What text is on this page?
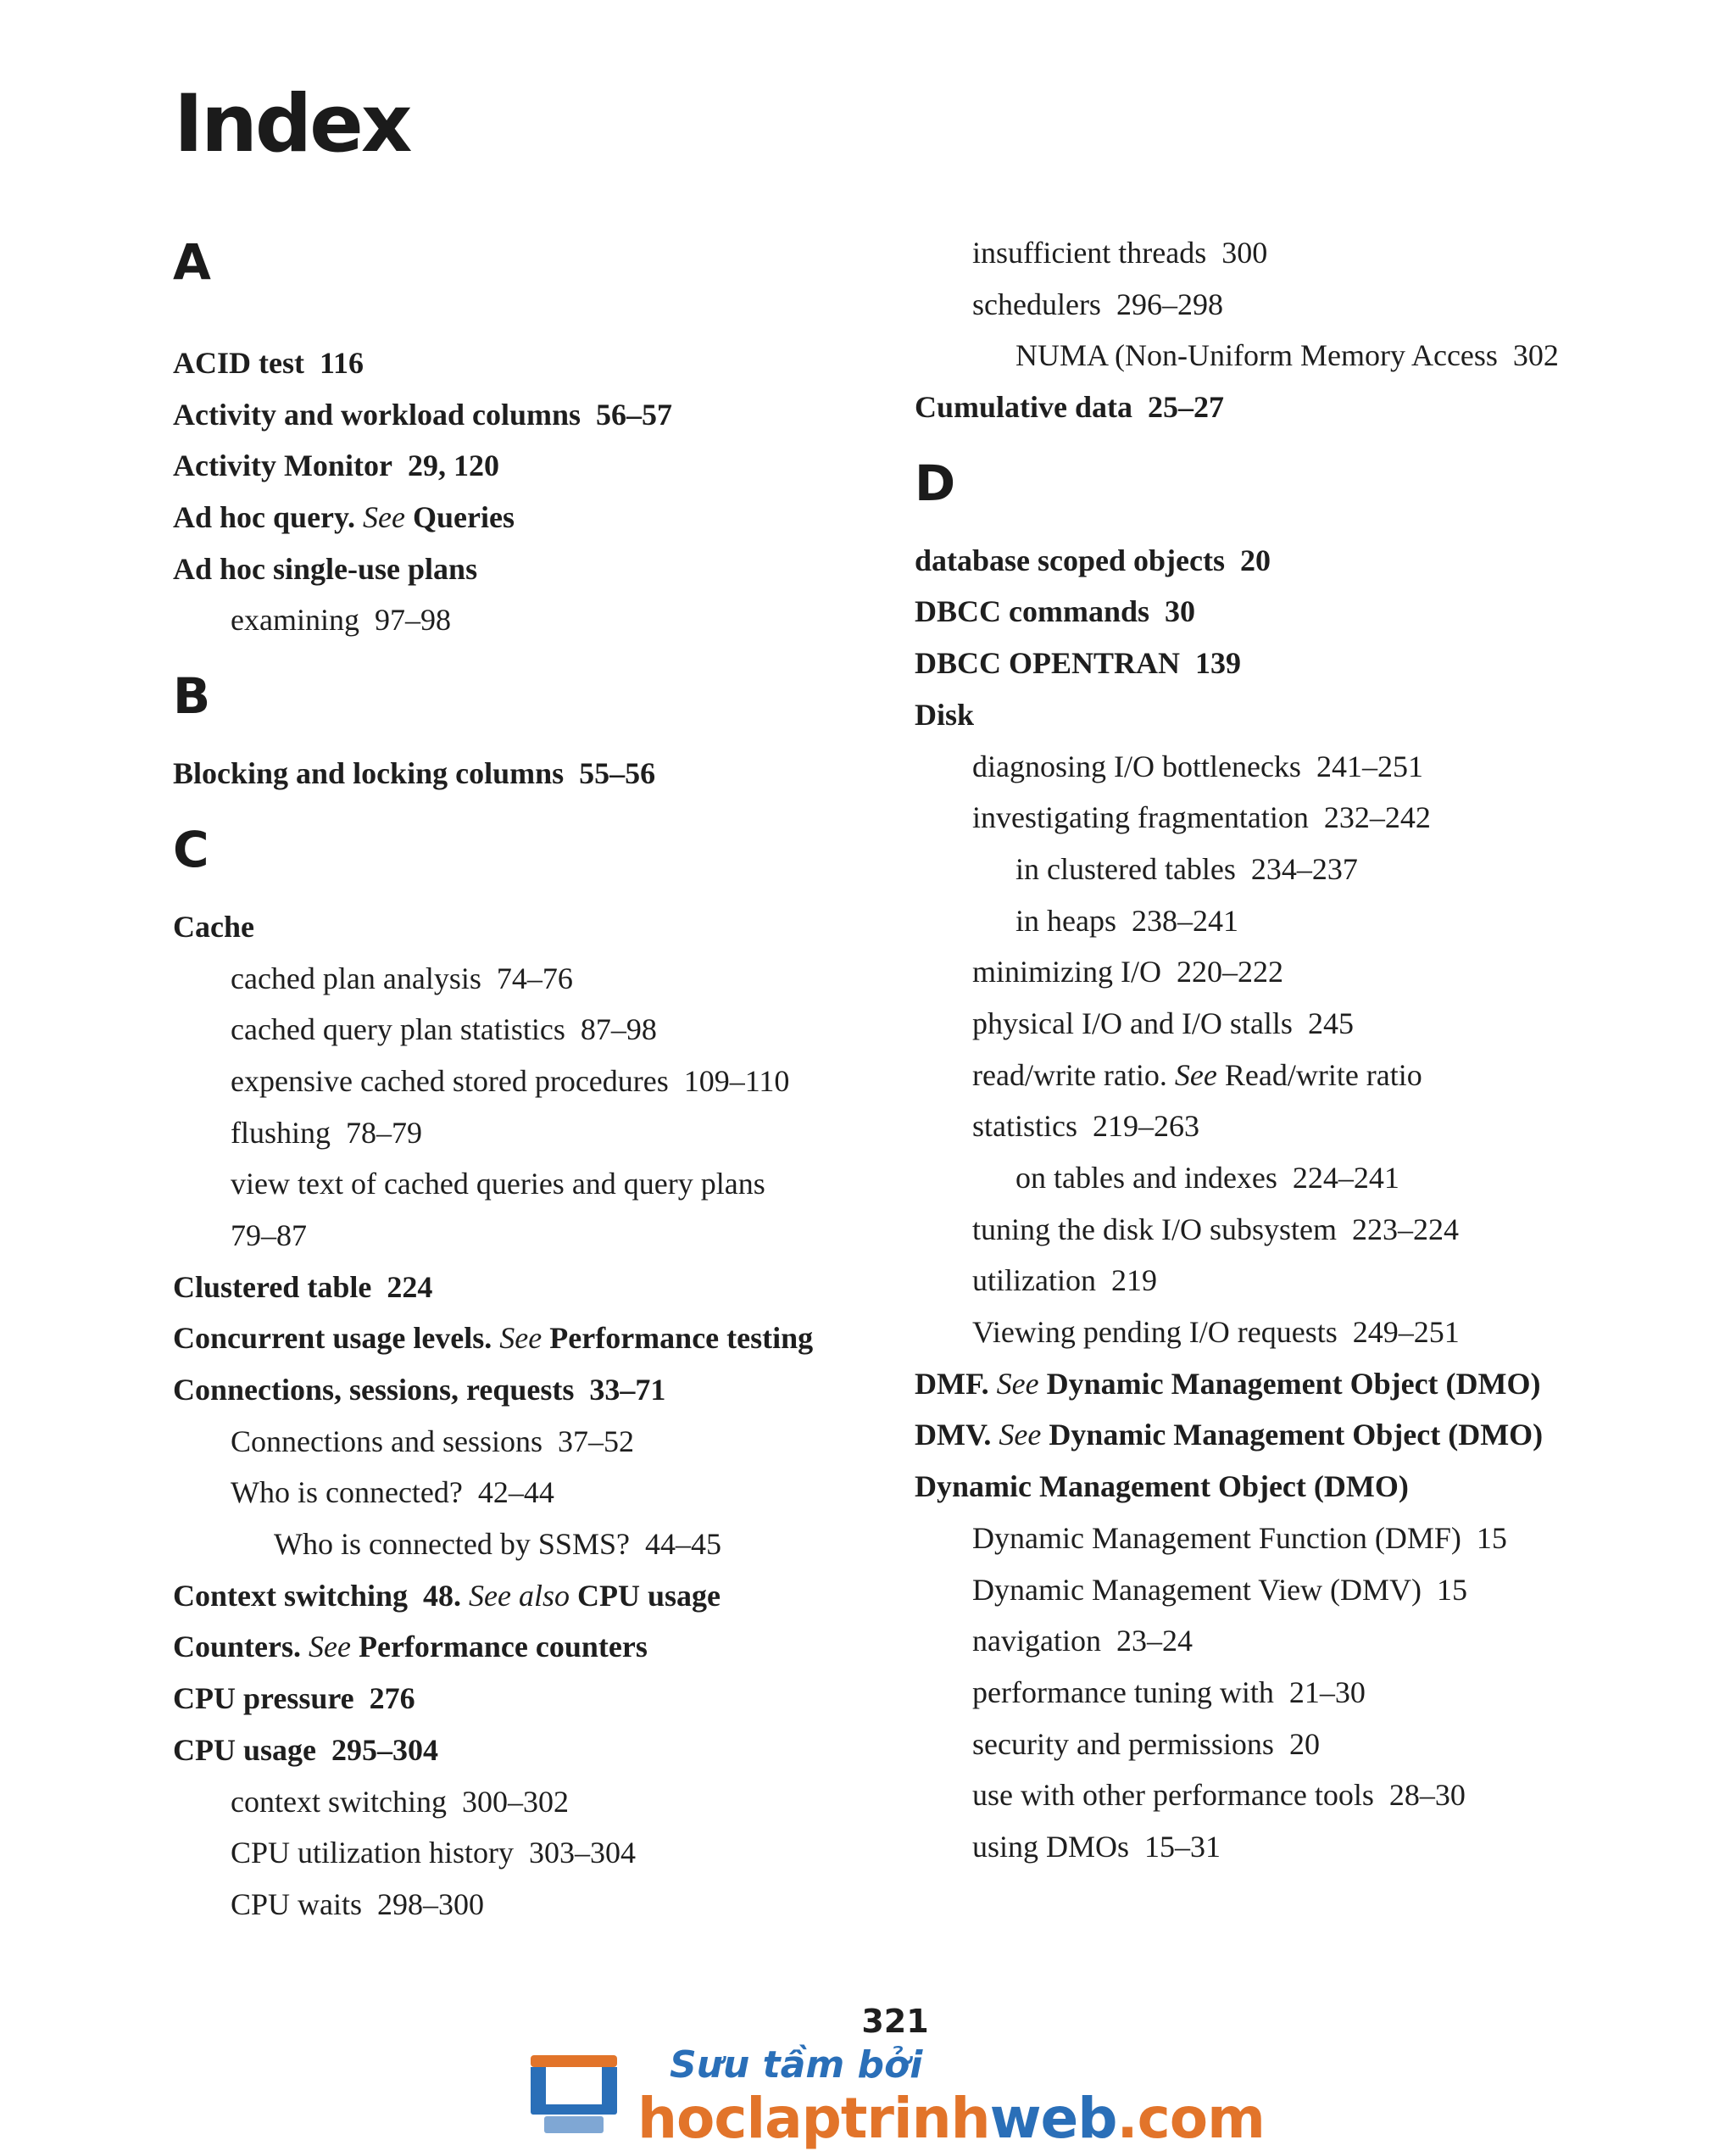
Index
A
ACID test 116
Activity and workload columns 56–57
Activity Monitor 29, 120
Ad hoc query. See Queries
Ad hoc single-use plans
examining 97–98
B
Blocking and locking columns 55–56
C
Cache
cached plan analysis 74–76
cached query plan statistics 87–98
expensive cached stored procedures 109–110
flushing 78–79
view text of cached queries and query plans
79–87
Clustered table 224
Concurrent usage levels. See Performance testing
Connections, sessions, requests 33–71
Connections and sessions 37–52
Who is connected? 42–44
Who is connected by SSMS? 44–45
Context switching 48. See also CPU usage
Counters. See Performance counters
CPU pressure 276
CPU usage 295–304
context switching 300–302
CPU utilization history 303–304
CPU waits 298–300
insufficient threads 300
schedulers 296–298
NUMA (Non-Uniform Memory Access 302
Cumulative data 25–27
D
database scoped objects 20
DBCC commands 30
DBCC OPENTRAN 139
Disk
diagnosing I/O bottlenecks 241–251
investigating fragmentation 232–242
in clustered tables 234–237
in heaps 238–241
minimizing I/O 220–222
physical I/O and I/O stalls 245
read/write ratio. See Read/write ratio
statistics 219–263
on tables and indexes 224–241
tuning the disk I/O subsystem 223–224
utilization 219
Viewing pending I/O requests 249–251
DMF. See Dynamic Management Object (DMO)
DMV. See Dynamic Management Object (DMO)
Dynamic Management Object (DMO)
Dynamic Management Function (DMF) 15
Dynamic Management View (DMV) 15
navigation 23–24
performance tuning with 21–30
security and permissions 20
use with other performance tools 28–30
using DMOs 15–31
321
Sưu tầm bởi
hoclaptrinhweb.com
